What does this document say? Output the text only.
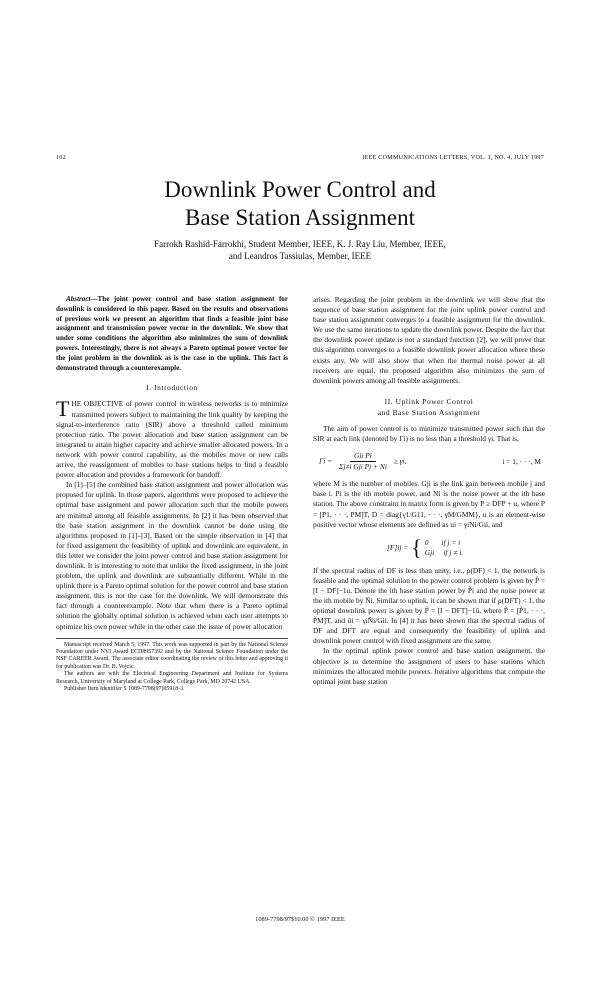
102	IEEE COMMUNICATIONS LETTERS, VOL. 1, NO. 4, JULY 1997
Downlink Power Control and
Base Station Assignment
Farrokh Rashid-Farrokhi, Student Member, IEEE, K. J. Ray Liu, Member, IEEE,
and Leandros Tassiulas, Member, IEEE

Abstract—The joint power control and base station assignment for downlink is considered in this paper. Based on the results and observations of previous work we present an algorithm that finds a feasible joint base assignment and transmission power vector in the downlink. We show that under some conditions the algorithm also minimizes the sum of downlink powers. Interestingly, there is not always a Pareto optimal power vector for the joint problem in the downlink as is the case in the uplink. This fact is demonstrated through a counterexample.

I. Introduction

THE OBJECTIVE of power control in wireless networks is to minimize transmitted powers subject to maintaining the link quality by keeping the signal-to-interference ratio (SIR) above a threshold called minimum protection ratio. The power allocation and base station assignment can be integrated to attain higher capacity and achieve smaller allocated powers. In a network with power control capability, as the mobiles move or new calls arrive, the reassignment of mobiles to base stations helps to find a feasible power allocation and provides a framework for handoff.

In [1]–[5] the combined base station assignment and power allocation was proposed for uplink. In those papers, algorithms were proposed to achieve the optimal base assignment and power allocation such that the mobile powers are minimal among all feasible assignments. In [2] it has been observed that the base station assignment in the downlink cannot be done using the algorithms proposed in [1]–[3]. Based on the simple observation in [4] that for fixed assignment the feasibility of uplink and downlink are equivalent, in this letter we consider the joint power control and base station assignment for downlink. It is interesting to note that unlike the fixed assignment, in the joint problem, the uplink and downlink are substantially different. While in the uplink there is a Pareto optimal solution for the power control and base station assignment, this is not the case for the downlink. We will demonstrate this fact through a counterexample. Note that when there is a Pareto optimal solution the globally optimal solution is achieved when each user attempts to optimize his own power while in the other case the issue of power allocation

Manuscript received March 5, 1997. This work was supported in part by the National Science Foundation under NYI Award ECD8957392 and by the National Science Foundation under the NSF CAREER Award. The associate editor coordinating the review of this letter and approving it for publication was Dr. B. Vojcic.

The authors are with the Electrical Engineering Department and Institute for Systems Research, University of Maryland at College Park, College Park, MD 20742 USA.

Publisher Item Identifier S 1089-7798(97)05918-3.

arises. Regarding the joint problem in the downlink we will show that the sequence of base station assignment for the joint uplink power control and base station assignment converges to a feasible assignment for the downlink. We use the same iterations to update the downlink power. Despite the fact that the downlink power update is not a standard function [2], we will prove that this algorithm converges to a feasible downlink power allocation where these exists any. We will also show that when the thermal noise power at all receivers are equal, the proposed algorithm also minimizes the sum of downlink powers among all feasible assignments.

II. Uplink Power Control
and Base Station Assignment

The aim of power control is to minimize transmitted power such that the SIR at each link (denoted by Γi) is no less than a threshold γi. That is,

$\Gamma i = \frac{\text{Gii Pi}}{\text{Σj≠i Gji Pj + Ni}} \ge \gamma i$,	i = 1, · · ·, M

where M is the number of mobiles. Gji is the link gain between mobile j and base i. Pi is the ith mobile power, and Ni is the noise power at the ith base station. The above constraint in matrix form is given by P ≥ DFP + u, where P = [P1, · · ·, PM]T, D = diag{γ1/G11, · · ·, γM/GMM}, u is an element-wise positive vector whose elements are defined as ui = γiNi/Gii, and

[F]ij = { 0       if j = i
Gji     if j ≠ i.

If the spectral radius of DF is less than unity, i.e., ρ(DF) < 1, the network is feasible and the optimal solution to the power control problem is given by P̂ = [I − DF]−1u. Denote the ith base station power by P̃i and the noise power at the ith mobile by Ñi. Similar to uplink, it can be shown that if ρ(DFT) < 1, the optimal downlink power is given by P̂ = [I − DFT]−1ũ, where P̃ = [P̃1, · · ·, P̃M]T, and ũi = γiÑi/Gii. In [4] it has been shown that the spectral radius of DF and DFT are equal and consequently the feasibility of uplink and downlink power control with fixed assignment are the same.

In the optimal uplink power control and base station assignment, the objective is to determine the assignment of users to base stations which minimizes the allocated mobile powers. Iterative algorithms that compute the optimal joint base station

1089-7798/97$10.00 © 1997 IEEE
